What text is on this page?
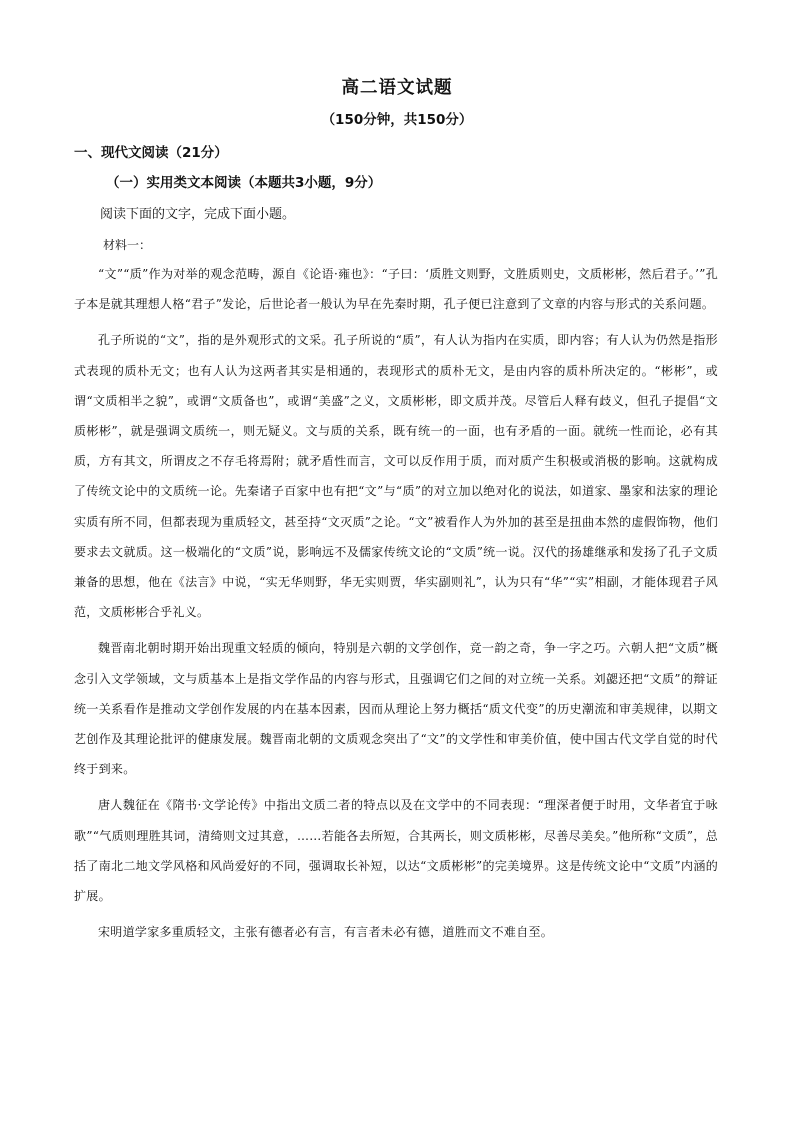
高二语文试题

（150分钟，共150分）

一、现代文阅读（21分）

（一）实用类文本阅读（本题共3小题，9分）

阅读下面的文字，完成下面小题。

材料一：

“文”“质”作为对举的观念范畴，源自《论语·雍也》：“子曰：‘质胜文则野，文胜质则史，文质彬彬，然后君子。’”孔子本是就其理想人格“君子”发论，后世论者一般认为早在先秦时期，孔子便已注意到了文章的内容与形式的关系问题。

孔子所说的“文”，指的是外观形式的文采。孔子所说的“质”，有人认为指内在实质，即内容；有人认为仍然是指形式表现的质朴无文；也有人认为这两者其实是相通的，表现形式的质朴无文，是由内容的质朴所决定的。“彬彬”，或谓“文质相半之貌”，或谓“文质备也”，或谓“美盛”之义，文质彬彬，即文质并茂。尽管后人释有歧义，但孔子提倡“文质彬彬”，就是强调文质统一，则无疑义。文与质的关系，既有统一的一面，也有矛盾的一面。就统一性而论，必有其质，方有其文，所谓皮之不存毛将焉附；就矛盾性而言，文可以反作用于质，而对质产生积极或消极的影响。这就构成了传统文论中的文质统一论。先秦诸子百家中也有把“文”与“质”的对立加以绝对化的说法，如道家、墨家和法家的理论实质有所不同，但都表现为重质轻文，甚至持“文灭质”之论。“文”被看作人为外加的甚至是扭曲本然的虚假饰物，他们要求去文就质。这一极端化的“文质”说，影响远不及儒家传统文论的“文质”统一说。汉代的扬雄继承和发扬了孔子文质兼备的思想，他在《法言》中说，“实无华则野，华无实则贾，华实副则礼”，认为只有“华”“实”相副，才能体现君子风范，文质彬彬合乎礼义。

魏晋南北朝时期开始出现重文轻质的倾向，特别是六朝的文学创作，竞一韵之奇，争一字之巧。六朝人把“文质”概念引入文学领域，文与质基本上是指文学作品的内容与形式，且强调它们之间的对立统一关系。刘勰还把“文质”的辩证统一关系看作是推动文学创作发展的内在基本因素，因而从理论上努力概括“质文代变”的历史潮流和审美规律，以期文艺创作及其理论批评的健康发展。魏晋南北朝的文质观念突出了“文”的文学性和审美价值，使中国古代文学自觉的时代终于到来。

唐人魏征在《隋书·文学论传》中指出文质二者的特点以及在文学中的不同表现：“理深者便于时用，文华者宜于咏歌”“气质则理胜其词，清绮则文过其意，……若能各去所短，合其两长，则文质彬彬，尽善尽美矣。”他所称“文质”，总括了南北二地文学风格和风尚爱好的不同，强调取长补短，以达“文质彬彬”的完美境界。这是传统文论中“文质”内涵的扩展。

宋明道学家多重质轻文，主张有德者必有言，有言者未必有德，道胜而文不难自至。
